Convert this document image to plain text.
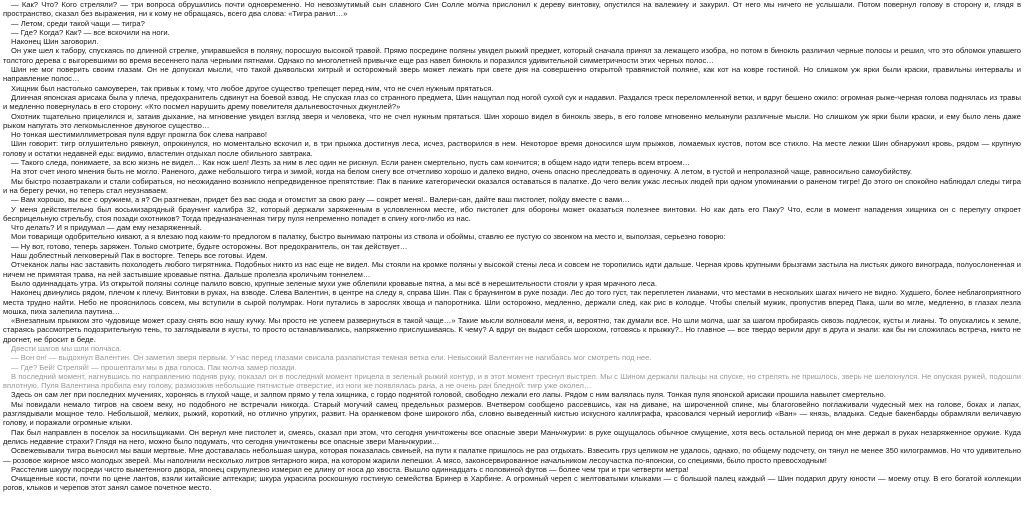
— Как? Что? Кого стреляли? — три вопроса обрушились почти одновременно. Но невозмутимый сын славного Син Солле молча прислонил к дереву винтовку, опустился на валежину и закурил. От него мы ничего не услышали. Потом повернул голову в сторону и, глядя в пространство, сказал без выражения, ни к кому не обращаясь, всего два слова: «Тигра ранил…»

— Летом, среди такой чащи — тигра?

— Где? Когда? Как? — все вскочили на ноги.

Наконец Шин заговорил.

Он уже шел к табору, спускаясь по длинной стрелке, упиравшейся в поляну, поросшую высокой травой. Прямо посредине поляны увидел рыжий предмет, который сначала принял за лежащего изобра, но потом в бинокль различил черные полосы и решил, что это обломок упавшего толстого дерева с выгоревшими во время весеннего пала черными пятнами. Однако по многолетней привычке еще раз навел бинокль и поразился удивительной симметричности этих черных полос…

Шин не мог поверить своим глазам. Он не допускал мысли, что такой дьявольски хитрый и осторожный зверь может лежать при свете дня на совершенно открытой травянистой поляне, как кот на ковре гостиной. Но слишком уж ярки были краски, правильны интервалы и направление полос…

Хищник был настолько самоуверен, так привык к тому, что любое другое существо трепещет перед ним, что не счел нужным прятаться.

Длинная японская арисака была у плеча, предохранитель сдвинут на боевой взвод. Не спуская глаз со странного предмета, Шин нащупал под ногой сухой сук и надавил. Раздался треск переломленной ветки, и вдруг бешено ожило: огромная рыже-черная голова поднялась из травы и медленно повернулась в его сторону: «Кто посмел нарушить дрему повелителя дальневосточных джунглей?»

Охотник тщательно прицелился и, затаив дыхание, на мгновение увидел взгляд зверя и человека, что не счел нужным прятаться. Шин хорошо видел в бинокль зверь, в его голове мгновенно мелькнули различные мысли. Но слишком уж ярки были краски, и ему было лень даже рыком напугать это легкомысленное двуногое существо…

Но тонкая шестимиллиметровая пуля вдруг прожгла бок слева направо!

Шин говорит: тигр оглушительно рявкнул, опрокинулся, но моментально вскочил и, в три прыжка достигнув леса, исчез, растворился в нем. Некоторое время доносился шум прыжков, ломаемых кустов, потом все стихло. На месте лежки Шин обнаружил кровь, рядом — крупную голову и остатки недавней еды: видимо, властелин отдыхал после обильного завтрака.

— Такого следа, понимаете, за всю жизнь не видел… Как нож шел! Лезть за ним в лес один не рискнул. Если ранен смертельно, пусть сам кончится; в общем надо идти теперь всем втроем…

На этот счет иного мнения быть не могло. Раненого, даже небольшого тигра и зимой, когда на белом снегу все отчетливо хорошо и далеко видно, очень опасно преследовать в одиночку. А летом, в густой и непролазной чаще, равносильно самоубийству.

Мы быстро позавтракали и стали собираться, но неожиданно возникло непредвиденное препятствие: Пак в панике категорически оказался оставаться в палатке. До чего велик ужас лесных людей при одном упоминании о раненом тигре! До этого он спокойно наблюдал следы тигра и на берегу речки, но теперь стал неузнаваем.

— Вам хорошо, вы все с оружием, а я? Он разгневан, придет без вас сюда и отомстит за свою рану — сожрет меня!.. Валери-сан, дайте ваш пистолет, пойду вместе с вами…

У меня действительно был восьмизарядный браунинг калибра 32, который держали заряженным в условленном месте, ибо пистолет для обороны может оказаться полезнее винтовки. Но как дать его Паку? Что, если в момент нападения хищника он с перепугу откроет бесприцельную стрельбу, стоя позади охотников? Тогда предназначенная тигру пуля непременно попадет в спину кого-либо из нас.

Что делать? И я придумал — дам ему незаряженный.

Мои товарищи одобрительно кивают, а я влезаю под каким-то предлогом в палатку, быстро вынимаю патроны из ствола и обоймы, ставлю ее пустую со звонком на место и, выползая, серьезно говорю:

— Ну вот, готово, теперь заряжен. Только смотрите, будьте осторожны. Вот предохранитель, он так действует…

Наш доблестный легковерный Пак в восторге. Теперь все готовы. Идем.

Отчеканок лапы нас заставить похолодеть любого тигрятника. Подобных никто из нас еще не видел. Мы стояли на кромке поляны у высокой стены леса и совсем не торопились идти дальше. Черная кровь крупными брызгами застыла на листьях дикого винограда, полуослоненная и ничем не примятая трава, на ней застывшие кровавые пятна. Дальше пролезла кроличьим тоннелем…

Было одиннадцать утра. Из открытой поляны солнце палило вовсю, крупные зеленые мухи уже облепили кровавые пятна, а мы всё в нерешительности стояли у края мрачного леса.

Наконец двинулись рядом, плечом к плечу. Винтовки в руках, на взводе. Слева Валентин, в центре на следу я, справа Шин. Пак с браунингом в руке позади. Лес до того густ, так переплетен лианами, что местами в нескольких шагах ничего не видно. Худшего, более неблагоприятного места трудно найти. Небо не прояснилось совсем, мы вступили в сырой полумрак. Ноги путались в зарослях хвоща и папоротника. Шли осторожно, медленно, держали след, как рис в колодце. Чтобы спелый мужик, пропустив вперед Пака, шли во мгле, медленно, в глазах лезла мошка, пиха залепила паутина…

«Внезапным прыжком это чудовище может сразу снять всю нашу кучку. Мы просто не успеем развернуться в такой чаще…» Такие мысли волновали меня, и, вероятно, так думали все. Но шли молча, шаг за шагом пробираясь сквозь подлесок, кусты и лианы. То опускались к земле, стараясь рассмотреть подозрительную тень, то заглядывали в кусты, то просто останавливались, напряженно прислушиваясь. К чему? А вдруг он выдаст себя шорохом, готовясь к прыжку?.. Но главное — все твердо верили друг в друга и знали: как бы ни сложилась встреча, никто не дрогнет, не бросит в беде.

Двести шагов мы шли полчаса.

— Вон он! — выдохнул Валентин. Он заметил зверя первым. У нас перед глазами свисала разлапистая темная ветка ели. Невысокий Валентин не нагибаясь мог смотреть под нее.

— Где? Бей! Стреляй! — прошептали мы в два голоса. Пак молча замер позади.

В последний момент, нагнувшись по направлению подняв руку, показал он в последний момент прицела в зеленый рыжий контур, и в этот момент треснул выстрел. Мы с Шином держали пальцы на спуске, но стрелять не пришлось, зверь не шелохнулся. Не опуская ружей, подошли вплотную. Пуля Валентина пробила ему голову, размозжив небольшие пятнистые отверстие, из ноги же появлялась рана, а не очень ран бледной: тигр уже околел…

Здесь он сам лег при последних мучениях, хоронясь в глухой чаще, и залпом прямо у тела хищника, с гордо поднятой головой, свободно лежали его лапы. Рядом с ним валялась пуля. Тонкая пуля японской арисаки прошила навылет смертельно.

Мы повидали немало тигров на своем веку, но подобного не встречали никогда. Старый могучий самец предельных размеров. Вчетвером сообщено рассевшись, как на диване, на широченной спине, мы благоговейно поглаживали чудесный мех на голове, боках и лапах, разглядывали мощное тело. Небольшой, мелких, рыжий, короткий, но отлично упругих, развит. На оранжевом фоне широкого лба, словно выведенный кистью искусного каллиграфа, красовался черный иероглиф «Ван» — князь, владыка. Седые бакенбарды обрамляли величавую голову, и поражали огромные клыки.

Пак был направлен в поселок за носильщиками. Он вернул мне пистолет и, смеясь, сказал при этом, что сегодня уничтожены все опасные звери Маньчжурии: в руке ощущалось обычное смущение, хотя весь остальной период он мне держал в руках незаряженное оружие. Куда делись недавние страхи? Глядя на него, можно было подумать, что сегодня уничтожены все опасные звери Маньчжурии…

Освежевывали тигра выносил мы ваши мертвые. Мне доставалась небольшая шкура, которая показалась свиньей, на пути к палатке пришлось не раз отдыхать. Взвесить груз целиком не удалось, однако, по общему подсчету, он тянул не менее 350 килограммов. Но что удивительно — розовое жирное мясо молодых зверей. Мы наполнили несколько литров янтарного жира, на котором жарили лепешки. А мясо, законсервированное начальником лесоучастка по-японски, со специями, было просто превосходным!

Расстелив шкуру посреди чисто выметенного двора, японец скрупулезно измерил ее длину от носа до хвоста. Вышло одиннадцать с половиной футов — более чем три и три четверти метра!

Очищенные кости, почти по цене лантов, взяли китайские аптекари; шкура украсила роскошную гостиную семейства Бринер в Харбине. А огромный череп с желтоватыми клыками — с большой палец каждый — Шин подарил другу юности — моему отцу. В его богатой коллекции рогов, клыков и черепов этот занял самое почетное место.
